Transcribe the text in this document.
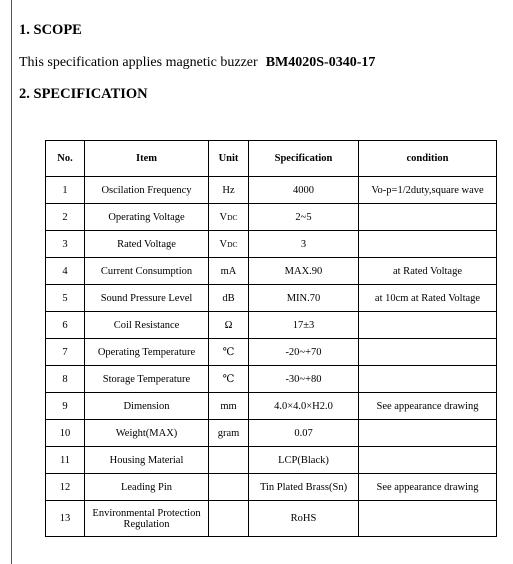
1. SCOPE
This specification applies magnetic buzzer BM4020S-0340-17
2. SPECIFICATION
No.	Item	Unit	Specification	condition
1	Oscilation Frequency	Hz	4000	Vo-p=1/2duty,square wave
2	Operating Voltage	VDC	2~5	
3	Rated Voltage	VDC	3	
4	Current Consumption	mA	MAX.90	at Rated Voltage
5	Sound Pressure Level	dB	MIN.70	at 10cm at Rated Voltage
6	Coil Resistance	Ω	17±3	
7	Operating Temperature	℃	-20~+70	
8	Storage Temperature	℃	-30~+80	
9	Dimension	mm	4.0×4.0×H2.0	See appearance drawing
10	Weight(MAX)	gram	0.07	
11	Housing Material		LCP(Black)	
12	Leading Pin		Tin Plated Brass(Sn)	See appearance drawing
13	Environmental Protection Regulation		RoHS	
